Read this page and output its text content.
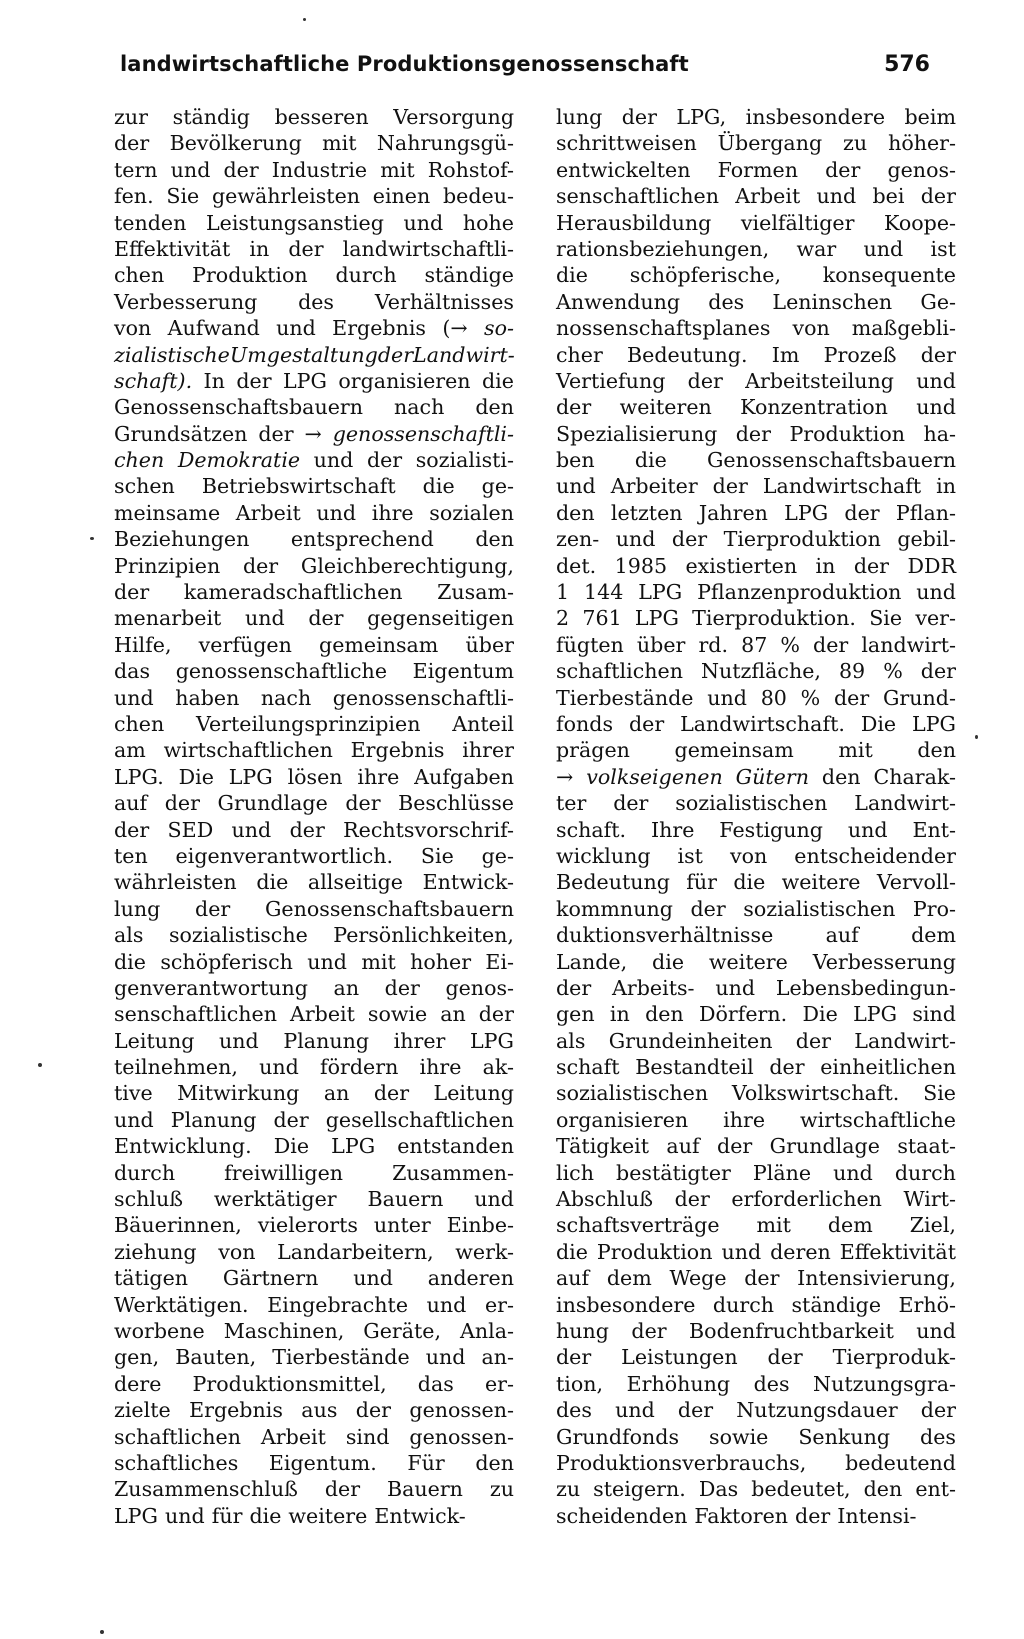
landwirtschaftliche Produktionsgenossenschaft	576
zur ständig besseren Versorgung
der Bevölkerung mit Nahrungsgü-
tern und der Industrie mit Rohstof-
fen. Sie gewährleisten einen bedeu-
tenden Leistungsanstieg und hohe
Effektivität in der landwirtschaftli-
chen Produktion durch ständige
Verbesserung des Verhältnisses
von Aufwand und Ergebnis (→ so-
zialistische Umgestaltung der Landwirt-
schaft). In der LPG organisieren die
Genossenschaftsbauern nach den
Grundsätzen der → genossenschaftli-
chen Demokratie und der sozialisti-
schen Betriebswirtschaft die ge-
meinsame Arbeit und ihre sozialen
Beziehungen entsprechend den
Prinzipien der Gleichberechtigung,
der kameradschaftlichen Zusam-
menarbeit und der gegenseitigen
Hilfe, verfügen gemeinsam über
das genossenschaftliche Eigentum
und haben nach genossenschaftli-
chen Verteilungsprinzipien Anteil
am wirtschaftlichen Ergebnis ihrer
LPG. Die LPG lösen ihre Aufgaben
auf der Grundlage der Beschlüsse
der SED und der Rechtsvorschrif-
ten eigenverantwortlich. Sie ge-
währleisten die allseitige Entwick-
lung der Genossenschaftsbauern
als sozialistische Persönlichkeiten,
die schöpferisch und mit hoher Ei-
genverantwortung an der genos-
senschaftlichen Arbeit sowie an der
Leitung und Planung ihrer LPG
teilnehmen, und fördern ihre ak-
tive Mitwirkung an der Leitung
und Planung der gesellschaftlichen
Entwicklung. Die LPG entstanden
durch freiwilligen Zusammen-
schluß werktätiger Bauern und
Bäuerinnen, vielerorts unter Einbe-
ziehung von Landarbeitern, werk-
tätigen Gärtnern und anderen
Werktätigen. Eingebrachte und er-
worbene Maschinen, Geräte, Anla-
gen, Bauten, Tierbestände und an-
dere Produktionsmittel, das er-
zielte Ergebnis aus der genossen-
schaftlichen Arbeit sind genossen-
schaftliches Eigentum. Für den
Zusammenschluß der Bauern zu
LPG und für die weitere Entwick-
lung der LPG, insbesondere beim
schrittweisen Übergang zu höher-
entwickelten Formen der genos-
senschaftlichen Arbeit und bei der
Herausbildung vielfältiger Koope-
rationsbeziehungen, war und ist
die schöpferische, konsequente
Anwendung des Leninschen Ge-
nossenschaftsplanes von maßgebli-
cher Bedeutung. Im Prozeß der
Vertiefung der Arbeitsteilung und
der weiteren Konzentration und
Spezialisierung der Produktion ha-
ben die Genossenschaftsbauern
und Arbeiter der Landwirtschaft in
den letzten Jahren LPG der Pflan-
zen- und der Tierproduktion gebil-
det. 1985 existierten in der DDR
1 144 LPG Pflanzenproduktion und
2 761 LPG Tierproduktion. Sie ver-
fügten über rd. 87 % der landwirt-
schaftlichen Nutzfläche, 89 % der
Tierbestände und 80 % der Grund-
fonds der Landwirtschaft. Die LPG
prägen gemeinsam mit den
→ volkseigenen Gütern den Charak-
ter der sozialistischen Landwirt-
schaft. Ihre Festigung und Ent-
wicklung ist von entscheidender
Bedeutung für die weitere Vervoll-
kommnung der sozialistischen Pro-
duktionsverhältnisse	auf	dem
Lande, die weitere Verbesserung
der Arbeits- und Lebensbedingun-
gen in den Dörfern. Die LPG sind
als Grundeinheiten der Landwirt-
schaft Bestandteil der einheitlichen
sozialistischen Volkswirtschaft. Sie
organisieren ihre wirtschaftliche
Tätigkeit auf der Grundlage staat-
lich bestätigter Pläne und durch
Abschluß der erforderlichen Wirt-
schaftsverträge mit dem Ziel,
die Produktion und deren Effektivität
auf dem Wege der Intensivierung,
insbesondere durch ständige Erhö-
hung der Bodenfruchtbarkeit und
der Leistungen der Tierproduk-
tion, Erhöhung des Nutzungsgra-
des und der Nutzungsdauer der
Grundfonds sowie Senkung des
Produktionsverbrauchs, bedeutend
zu steigern. Das bedeutet, den ent-
scheidenden Faktoren der Intensi-
